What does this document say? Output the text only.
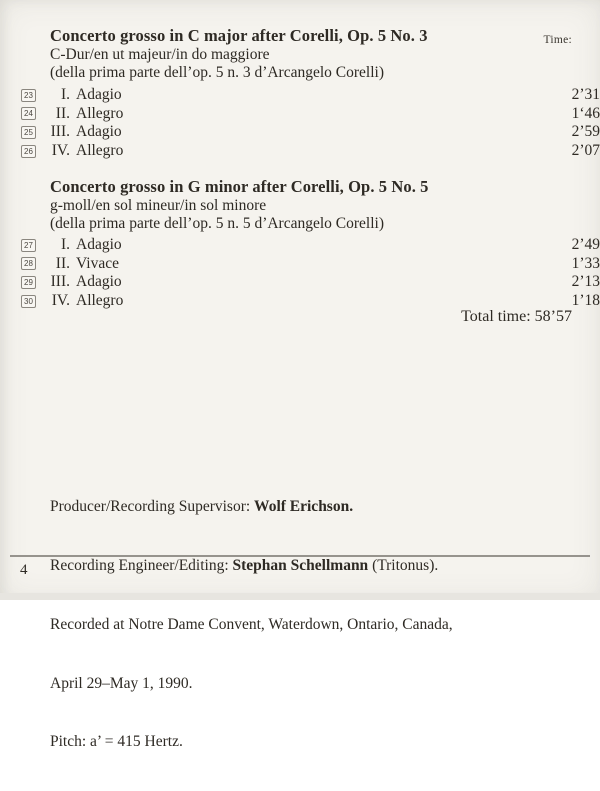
Time:
Concerto grosso in C major after Corelli, Op. 5 No. 3
C-Dur/en ut majeur/in do maggiore
(della prima parte dell’op. 5 n. 3 d’Arcangelo Corelli)
23	I. Adagio	2’31
24	II. Allegro	1‘46
25	III. Adagio	2’59
26	IV. Allegro	2’07
Concerto grosso in G minor after Corelli, Op. 5 No. 5
g-moll/en sol mineur/in sol minore
(della prima parte dell’op. 5 n. 5 d’Arcangelo Corelli)
27	I. Adagio	2’49
28	II. Vivace	1’33
29	III. Adagio	2’13
30	IV. Allegro	1’18
Total time: 58’57

Producer/Recording Supervisor: Wolf Erichson.

Recording Engineer/Editing: Stephan Schellmann (Tritonus).

Recorded at Notre Dame Convent, Waterdown, Ontario, Canada,

April 29–May 1, 1990.

Pitch: a’ = 415 Hertz.

4
